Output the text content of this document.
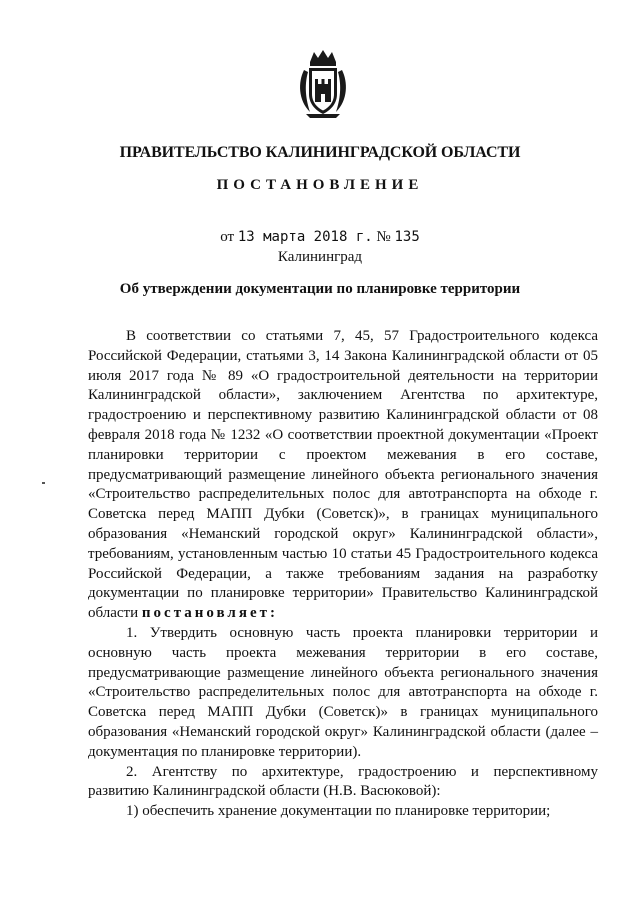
ПРАВИТЕЛЬСТВО КАЛИНИНГРАДСКОЙ ОБЛАСТИ
ПОСТАНОВЛЕНИЕ
от 13 марта 2018 г. № 135
Калининград
Об утверждении документации по планировке территории

В соответствии со статьями 7, 45, 57 Градостроительного кодекса Российской Федерации, статьями 3, 14 Закона Калининградской области от 05 июля 2017 года № 89 «О градостроительной деятельности на территории Калининградской области», заключением Агентства по архитектуре, градостроению и перспективному развитию Калининградской области от 08 февраля 2018 года № 1232 «О соответствии проектной документации «Проект планировки территории с проектом межевания в его составе, предусматривающий размещение линейного объекта регионального значения «Строительство распределительных полос для автотранспорта на обходе г. Советска перед МАПП Дубки (Советск)», в границах муниципального образования «Неманский городской округ» Калининградской области», требованиям, установленным частью 10 статьи 45 Градостроительного кодекса Российской Федерации, а также требованиям задания на разработку документации по планировке территории» Правительство Калининградской области постановляет:

1. Утвердить основную часть проекта планировки территории и основную часть проекта межевания территории в его составе, предусматривающие размещение линейного объекта регионального значения «Строительство распределительных полос для автотранспорта на обходе г. Советска перед МАПП Дубки (Советск)» в границах муниципального образования «Неманский городской округ» Калининградской области (далее – документация по планировке территории).

2. Агентству по архитектуре, градостроению и перспективному развитию Калининградской области (Н.В. Васюковой):

1) обеспечить хранение документации по планировке территории;
